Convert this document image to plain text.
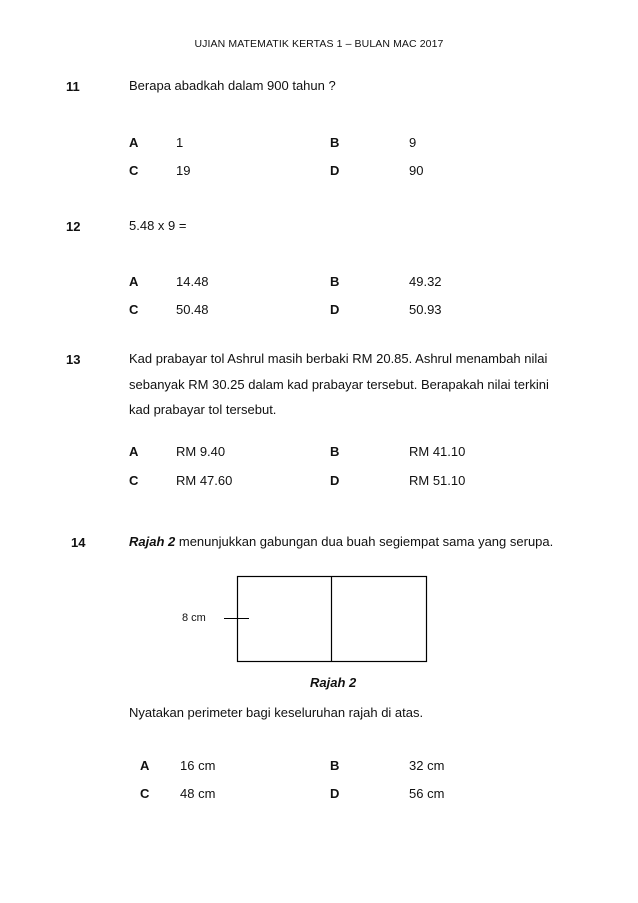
UJIAN MATEMATIK KERTAS 1 – BULAN MAC 2017
11	Berapa abadkah dalam 900 tahun ?
A	1	B	9
C	19	D	90
12	5.48 x 9 =
A	14.48	B	49.32
C	50.48	D	50.93
13	Kad prabayar tol Ashrul masih berbaki RM 20.85. Ashrul menambah nilai sebanyak RM 30.25 dalam kad prabayar tersebut. Berapakah nilai terkini kad prabayar tol tersebut.
A	RM 9.40	B	RM 41.10
C	RM 47.60	D	RM 51.10
14	Rajah 2 menunjukkan gabungan dua buah segiempat sama yang serupa.
8 cm
Rajah 2
Nyatakan perimeter bagi keseluruhan rajah di atas.
A 16 cm	B	32 cm
C 48 cm	D	56 cm
